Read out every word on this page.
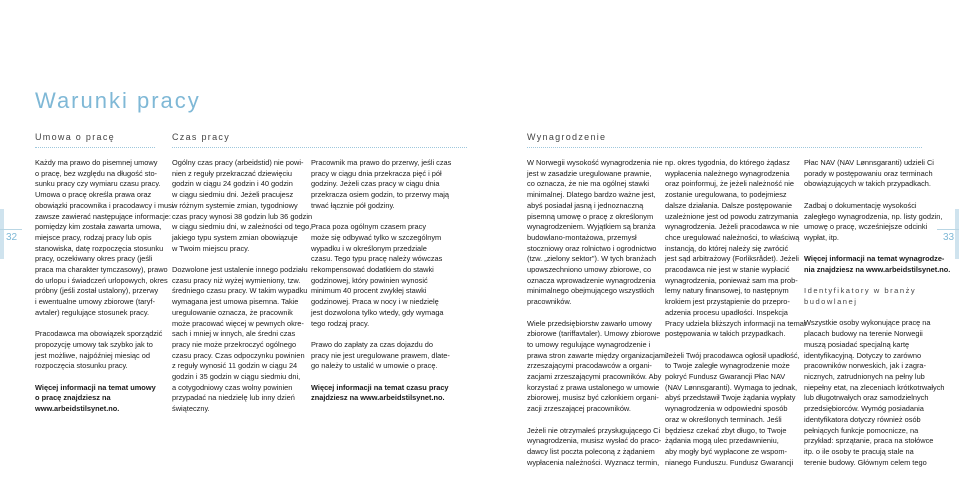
Warunki pracy
Umowa o pracę	Czas pracy	Wynagrodzenie
32	33

Każdy ma prawo do pisemnej umowy

o pracę, bez względu na długość sto-

sunku pracy czy wymiaru czasu pracy.

Umowa o pracę określa prawa oraz

obowiązki pracownika i pracodawcy i musi

zawsze zawierać następujące informacje:

pomiędzy kim została zawarta umowa,

miejsce pracy, rodzaj pracy lub opis

stanowiska, datę rozpoczęcia stosunku

pracy, oczekiwany okres pracy (jeśli

praca ma charakter tymczasowy), prawo

do urlopu i świadczeń urlopowych, okres

próbny (jeśli został ustalony), przerwy

i ewentualne umowy zbiorowe (taryf-

avtaler) regulujące stosunek pracy.

Pracodawca ma obowiązek sporządzić

propozycję umowy tak szybko jak to

jest możliwe, najpóźniej miesiąc od

rozpoczęcia stosunku pracy.

Więcej informacji na temat umowy

o pracę znajdziesz na

www.arbeidstilsynet.no.

Ogólny czas pracy (arbeidstid) nie powi-

nien z reguły przekraczać dziewięciu

godzin w ciągu 24 godzin i 40 godzin

w ciągu siedmiu dni. Jeżeli pracujesz

w różnym systemie zmian, tygodniowy

czas pracy wynosi 38 godzin lub 36 godzin

w ciągu siedmiu dni, w zależności od tego,

jakiego typu system zmian obowiązuje

w Twoim miejscu pracy.

Dozwolone jest ustalenie innego podziału

czasu pracy niż wyżej wymieniony, tzw.

średniego czasu pracy. W takim wypadku

wymagana jest umowa pisemna. Takie

uregulowanie oznacza, że pracownik

może pracować więcej w pewnych okre-

sach i mniej w innych, ale średni czas

pracy nie może przekroczyć ogólnego

czasu pracy. Czas odpoczynku powinien

z reguły wynosić 11 godzin w ciągu 24

godzin i 35 godzin w ciągu siedmiu dni,

a cotygodniowy czas wolny powinien

przypadać na niedzielę lub inny dzień

świąteczny.

Pracownik ma prawo do przerwy, jeśli czas

pracy w ciągu dnia przekracza pięć i pół

godziny. Jeżeli czas pracy w ciągu dnia

przekracza osiem godzin, to przerwy mają

trwać łącznie pół godziny.

Praca poza ogólnym czasem pracy

może się odbywać tylko w szczególnym

wypadku i w określonym przedziale

czasu. Tego typu pracę należy wówczas

rekompensować dodatkiem do stawki

godzinowej, który powinien wynosić

minimum 40 procent zwykłej stawki

godzinowej. Praca w nocy i w niedzielę

jest dozwolona tylko wtedy, gdy wymaga

tego rodzaj pracy.

Prawo do zapłaty za czas dojazdu do

pracy nie jest uregulowane prawem, dlate-

go należy to ustalić w umowie o pracę.

Więcej informacji na temat czasu pracy

znajdziesz na www.arbeidstilsynet.no.

W Norwegii wysokość wynagrodzenia nie

jest w zasadzie uregulowane prawnie,

co oznacza, że nie ma ogólnej stawki

minimalnej. Dlatego bardzo ważne jest,

abyś posiadał jasną i jednoznaczną

pisemną umowę o pracę z określonym

wynagrodzeniem. Wyjątkiem są branża

budowlano-montażowa, przemysł

stoczniowy oraz rolnictwo i ogrodnictwo

(tzw. „zielony sektor"). W tych branżach

upowszechniono umowy zbiorowe, co

oznacza wprowadzenie wynagrodzenia

minimalnego obejmującego wszystkich

pracowników.

Wiele przedsiębiorstw zawarło umowy

zbiorowe (tariffavtaler). Umowy zbiorowe

to umowy regulujące wynagrodzenie i

prawa stron zawarte między organizacjami

zrzeszającymi pracodawców a organi-

zacjami zrzeszającymi pracowników. Aby

korzystać z prawa ustalonego w umowie

zbiorowej, musisz być członkiem organi-

zacji zrzeszającej pracowników.

Jeżeli nie otrzymałeś przysługującego Ci

wynagrodzenia, musisz wysłać do praco-

dawcy list poczta poleconą z żądaniem

wypłacenia należności. Wyznacz termin,

np. okres tygodnia, do którego żądasz

wypłacenia należnego wynagrodzenia

oraz poinformuj, że jeżeli należność nie

zostanie uregulowana, to podejmiesz

dalsze działania. Dalsze postępowanie

uzależnione jest od powodu zatrzymania

wynagrodzenia. Jeżeli pracodawca w nie

chce uregulować należności, to właściwą

instancją, do której należy się zwrócić

jest sąd arbitrażowy (Forliksrådet). Jeżeli

pracodawca nie jest w stanie wypłacić

wynagrodzenia, ponieważ sam ma prob-

lemy natury finansowej, to następnym

krokiem jest przystąpienie do przepro-

adzenia procesu upadłości. Inspekcja

Pracy udziela bliższych informacji na temat

postępowania w takich przypadkach.

Jeżeli Twój pracodawca ogłosił upadłość,

to Twoje zaległe wynagrodzenie może

pokryć Fundusz Gwarancji Płac NAV

(NAV Lønnsgaranti). Wymaga to jednak,

abyś przedstawił Twoje żądania wypłaty

wynagrodzenia w odpowiedni sposób

oraz w określonych terminach. Jeśli

będziesz czekać zbyt długo, to Twoje

żądania mogą ulec przedawnieniu,

aby mogły być wypłacone ze wspom-

nianego Funduszu. Fundusz Gwarancji

Płac NAV (NAV Lønnsgaranti) udzieli Ci

porady w postępowaniu oraz terminach

obowiązujących w takich przypadkach.

Zadbaj o dokumentację wysokości

zaległego wynagrodzenia, np. listy godzin,

umowę o pracę, wcześniejsze odcinki

wypłat, itp.

Więcej informacji na temat wynagrodze-

nia znajdziesz na www.arbeidstilsynet.no.

Identyfikatory w branży

budowlanej

Wszystkie osoby wykonujące pracę na

placach budowy na terenie Norwegii

muszą posiadać specjalną kartę

identyfikacyjną. Dotyczy to zarówno

pracowników norweskich, jak i zagra-

nicznych, zatrudnionych na pełny lub

niepełny etat, na zleceniach krótkotrwałych

lub długotrwałych oraz samodzielnych

przedsiębiorców. Wymóg posiadania

identyfikatora dotyczy również osób

pełniących funkcje pomocnicze, na

przykład: sprzątanie, praca na stołówce

itp. o ile osoby te pracują stale na

terenie budowy. Głównym celem tego
